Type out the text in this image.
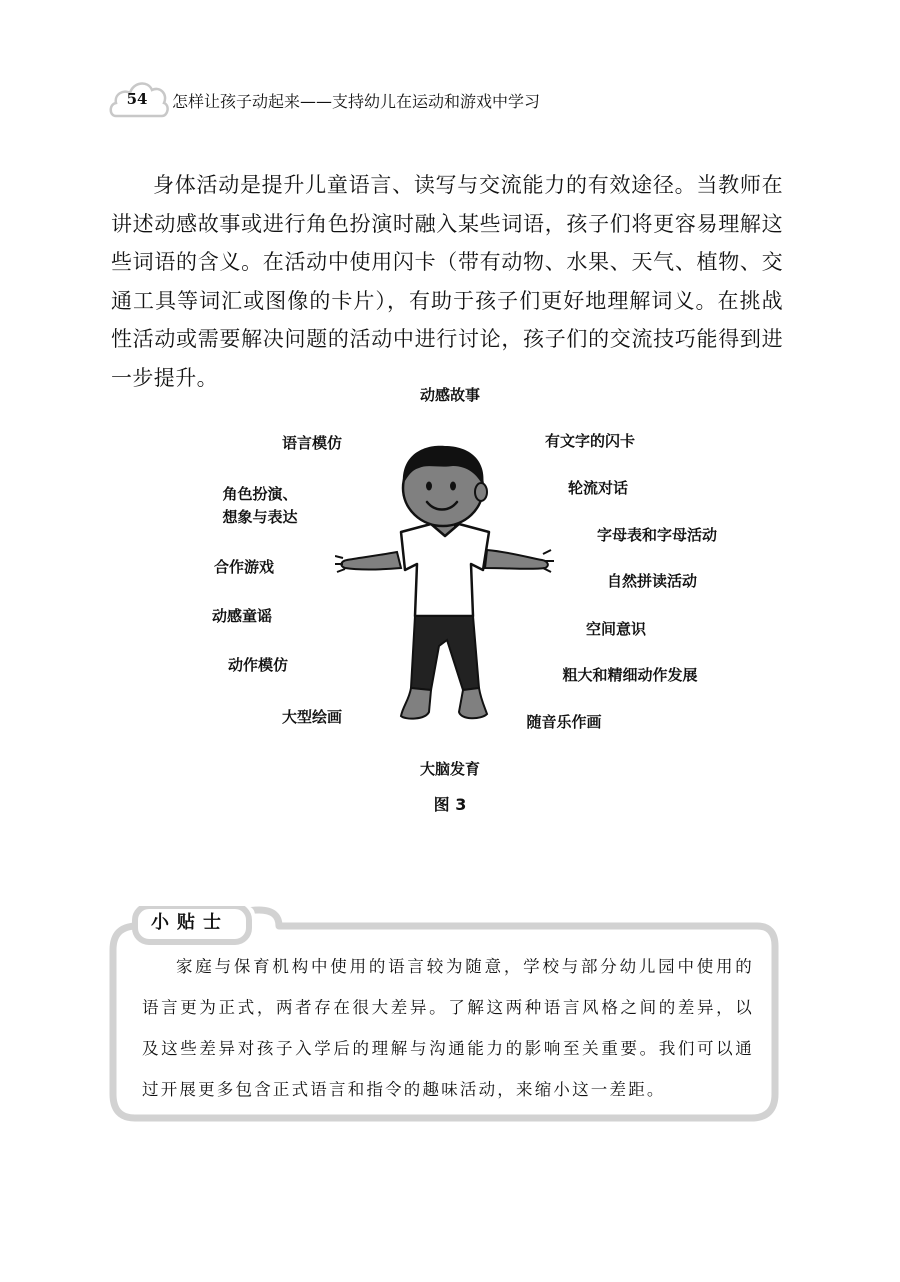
54	怎样让孩子动起来——支持幼儿在运动和游戏中学习

身体活动是提升儿童语言、读写与交流能力的有效途径。当教师在讲述动感故事或进行角色扮演时融入某些词语，孩子们将更容易理解这些词语的含义。在活动中使用闪卡（带有动物、水果、天气、植物、交通工具等词汇或图像的卡片），有助于孩子们更好地理解词义。在挑战性活动或需要解决问题的活动中进行讨论，孩子们的交流技巧能得到进一步提升。

动感故事
语言模仿
角色扮演、
想象与表达
合作游戏
动感童谣
动作模仿
大型绘画
有文字的闪卡
轮流对话
字母表和字母活动
自然拼读活动
空间意识
粗大和精细动作发展
随音乐作画
大脑发育
图 3
小贴士

家庭与保育机构中使用的语言较为随意，学校与部分幼儿园中使用的语言更为正式，两者存在很大差异。了解这两种语言风格之间的差异，以及这些差异对孩子入学后的理解与沟通能力的影响至关重要。我们可以通过开展更多包含正式语言和指令的趣味活动，来缩小这一差距。
